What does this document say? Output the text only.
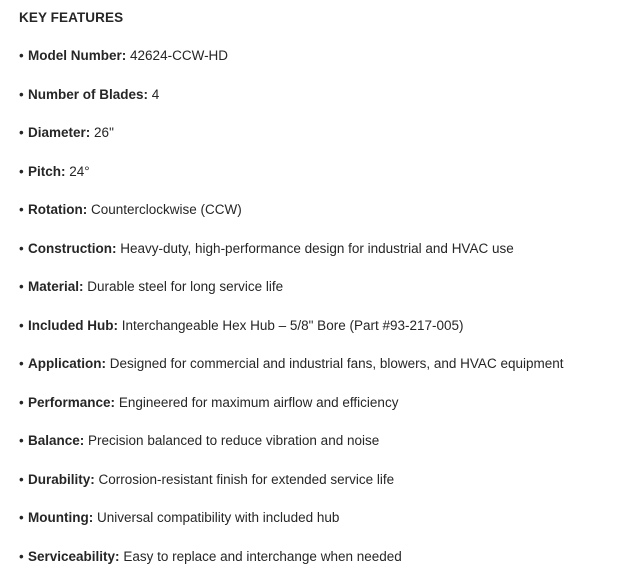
KEY FEATURES
• Model Number: 42624-CCW-HD
• Number of Blades: 4
• Diameter: 26"
• Pitch: 24°
• Rotation: Counterclockwise (CCW)
• Construction: Heavy-duty, high-performance design for industrial and HVAC use
• Material: Durable steel for long service life
• Included Hub: Interchangeable Hex Hub – 5/8" Bore (Part #93-217-005)
• Application: Designed for commercial and industrial fans, blowers, and HVAC equipment
• Performance: Engineered for maximum airflow and efficiency
• Balance: Precision balanced to reduce vibration and noise
• Durability: Corrosion-resistant finish for extended service life
• Mounting: Universal compatibility with included hub
• Serviceability: Easy to replace and interchange when needed
